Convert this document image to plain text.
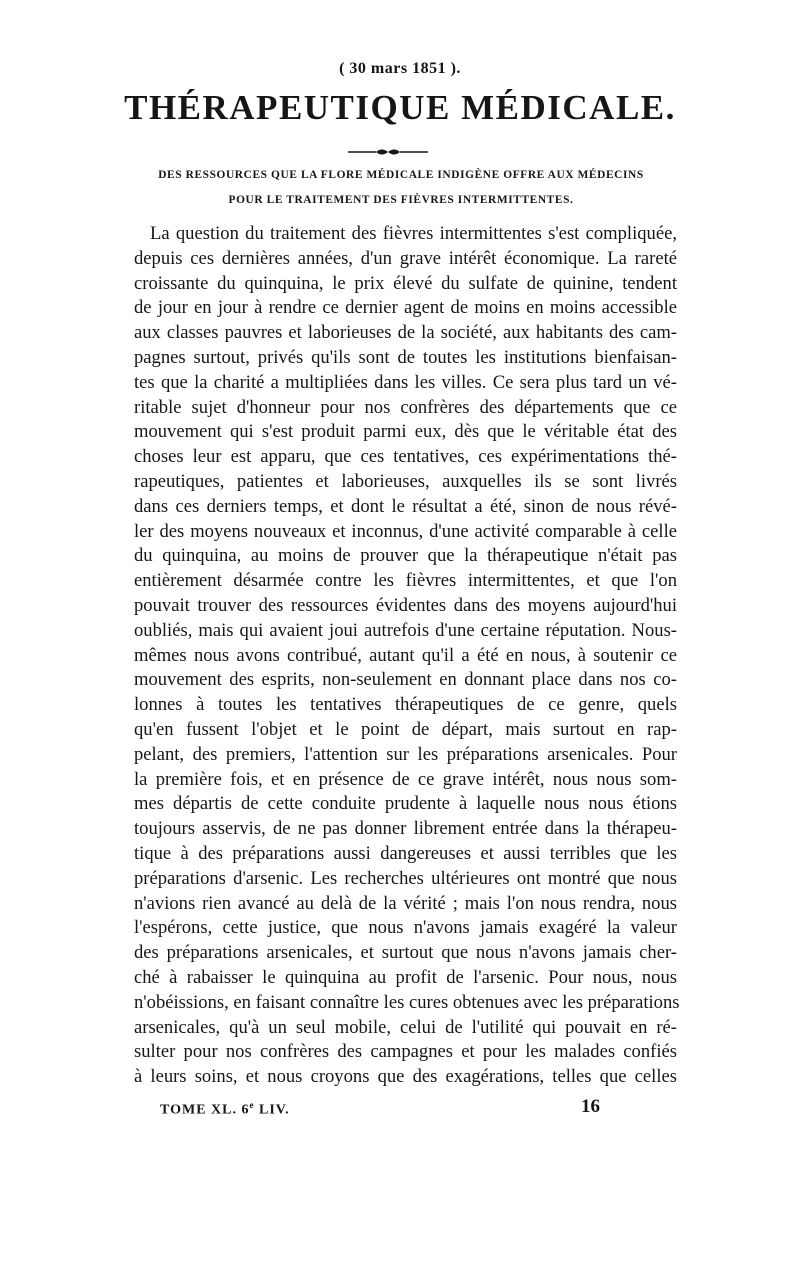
( 30 mars 1851 ).
THÉRAPEUTIQUE MÉDICALE.
DES RESSOURCES QUE LA FLORE MÉDICALE INDIGÈNE OFFRE AUX MÉDECINS
POUR LE TRAITEMENT DES FIÈVRES INTERMITTENTES.
La question du traitement des fièvres intermittentes s'est compliquée,
depuis ces dernières années, d'un grave intérêt économique. La rareté
croissante du quinquina, le prix élevé du sulfate de quinine, tendent
de jour en jour à rendre ce dernier agent de moins en moins accessible
aux classes pauvres et laborieuses de la société, aux habitants des cam-
pagnes surtout, privés qu'ils sont de toutes les institutions bienfaisan-
tes que la charité a multipliées dans les villes. Ce sera plus tard un vé-
ritable sujet d'honneur pour nos confrères des départements que ce
mouvement qui s'est produit parmi eux, dès que le véritable état des
choses leur est apparu, que ces tentatives, ces expérimentations thé-
rapeutiques, patientes et laborieuses, auxquelles ils se sont livrés
dans ces derniers temps, et dont le résultat a été, sinon de nous révé-
ler des moyens nouveaux et inconnus, d'une activité comparable à celle
du quinquina, au moins de prouver que la thérapeutique n'était pas
entièrement désarmée contre les fièvres intermittentes, et que l'on
pouvait trouver des ressources évidentes dans des moyens aujourd'hui
oubliés, mais qui avaient joui autrefois d'une certaine réputation. Nous-
mêmes nous avons contribué, autant qu'il a été en nous, à soutenir ce
mouvement des esprits, non-seulement en donnant place dans nos co-
lonnes à toutes les tentatives thérapeutiques de ce genre, quels
qu'en fussent l'objet et le point de départ, mais surtout en rap-
pelant, des premiers, l'attention sur les préparations arsenicales. Pour
la première fois, et en présence de ce grave intérêt, nous nous som-
mes départis de cette conduite prudente à laquelle nous nous étions
toujours asservis, de ne pas donner librement entrée dans la thérapeu-
tique à des préparations aussi dangereuses et aussi terribles que les
préparations d'arsenic. Les recherches ultérieures ont montré que nous
n'avions rien avancé au delà de la vérité ; mais l'on nous rendra, nous
l'espérons, cette justice, que nous n'avons jamais exagéré la valeur
des préparations arsenicales, et surtout que nous n'avons jamais cher-
ché à rabaisser le quinquina au profit de l'arsenic. Pour nous, nous
n'obéissions, en faisant connaître les cures obtenues avec les préparations
arsenicales, qu'à un seul mobile, celui de l'utilité qui pouvait en ré-
sulter pour nos confrères des campagnes et pour les malades confiés
à leurs soins, et nous croyons que des exagérations, telles que celles
TOME XL. 6e LIV.	16
